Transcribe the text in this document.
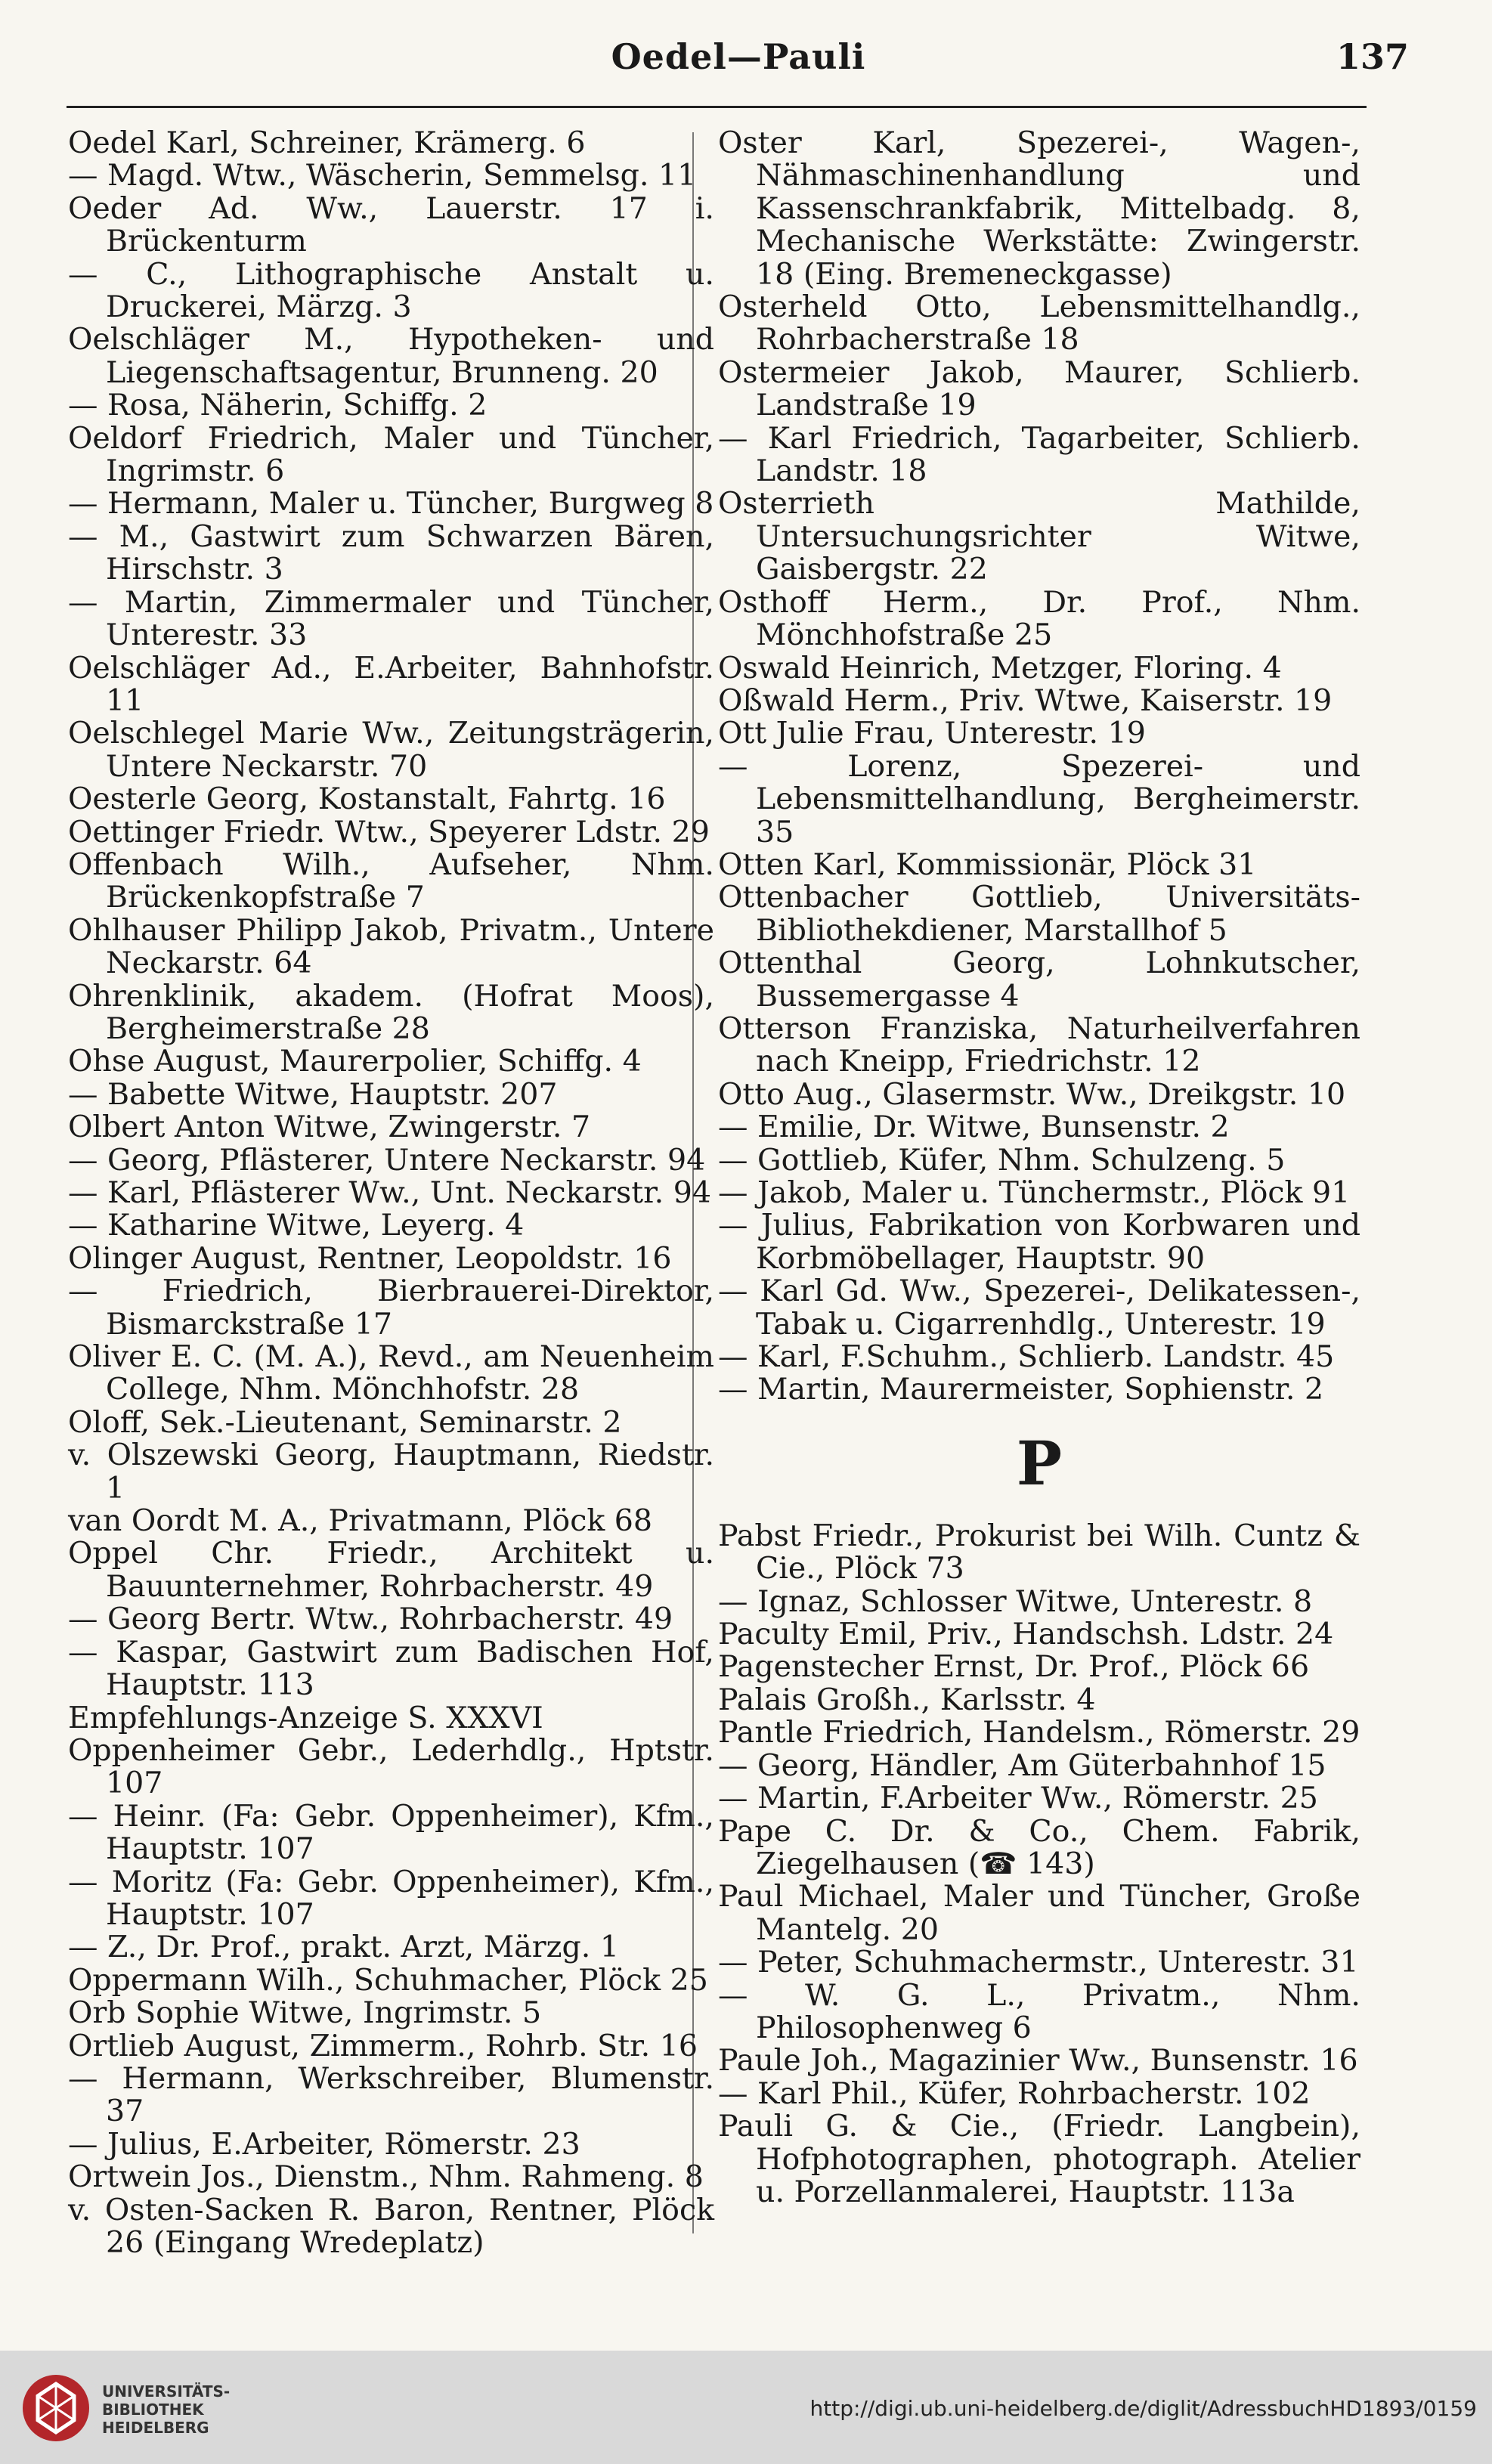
Oedel—Pauli	137

Oedel Karl, Schreiner, Krämerg. 6

— Magd. Wtw., Wäscherin, Semmelsg. 11

Oeder Ad. Ww., Lauerstr. 17 i. Brückenturm

— C., Lithographische Anstalt u. Druckerei, Märzg. 3

Oelschläger M., Hypotheken- und Liegenschaftsagentur, Brunneng. 20

— Rosa, Näherin, Schiffg. 2

Oeldorf Friedrich, Maler und Tüncher, Ingrimstr. 6

— Hermann, Maler u. Tüncher, Burgweg 8

— M., Gastwirt zum Schwarzen Bären, Hirschstr. 3

— Martin, Zimmermaler und Tüncher, Unterestr. 33

Oelschläger Ad., E.Arbeiter, Bahnhofstr. 11

Oelschlegel Marie Ww., Zeitungsträgerin, Untere Neckarstr. 70

Oesterle Georg, Kostanstalt, Fahrtg. 16

Oettinger Friedr. Wtw., Speyerer Ldstr. 29

Offenbach Wilh., Aufseher, Nhm. Brückenkopfstraße 7

Ohlhauser Philipp Jakob, Privatm., Untere Neckarstr. 64

Ohrenklinik, akadem. (Hofrat Moos), Bergheimerstraße 28

Ohse August, Maurerpolier, Schiffg. 4

— Babette Witwe, Hauptstr. 207

Olbert Anton Witwe, Zwingerstr. 7

— Georg, Pflästerer, Untere Neckarstr. 94

— Karl, Pflästerer Ww., Unt. Neckarstr. 94

— Katharine Witwe, Leyerg. 4

Olinger August, Rentner, Leopoldstr. 16

— Friedrich, Bierbrauerei-Direktor, Bismarckstraße 17

Oliver E. C. (M. A.), Revd., am Neuenheim College, Nhm. Mönchhofstr. 28

Oloff, Sek.-Lieutenant, Seminarstr. 2

v. Olszewski Georg, Hauptmann, Riedstr. 1

van Oordt M. A., Privatmann, Plöck 68

Oppel Chr. Friedr., Architekt u. Bauunternehmer, Rohrbacherstr. 49

— Georg Bertr. Wtw., Rohrbacherstr. 49

— Kaspar, Gastwirt zum Badischen Hof, Hauptstr. 113

Empfehlungs-Anzeige S. XXXVI

Oppenheimer Gebr., Lederhdlg., Hptstr. 107

— Heinr. (Fa: Gebr. Oppenheimer), Kfm., Hauptstr. 107

— Moritz (Fa: Gebr. Oppenheimer), Kfm., Hauptstr. 107

— Z., Dr. Prof., prakt. Arzt, Märzg. 1

Oppermann Wilh., Schuhmacher, Plöck 25

Orb Sophie Witwe, Ingrimstr. 5

Ortlieb August, Zimmerm., Rohrb. Str. 16

— Hermann, Werkschreiber, Blumenstr. 37

— Julius, E.Arbeiter, Römerstr. 23

Ortwein Jos., Dienstm., Nhm. Rahmeng. 8

v. Osten-Sacken R. Baron, Rentner, Plöck 26 (Eingang Wredeplatz)

Oster Karl, Spezerei-, Wagen-, Nähmaschinenhandlung und Kassenschrankfabrik, Mittelbadg. 8, Mechanische Werkstätte: Zwingerstr. 18 (Eing. Bremeneckgasse)

Osterheld Otto, Lebensmittelhandlg., Rohrbacherstraße 18

Ostermeier Jakob, Maurer, Schlierb. Landstraße 19

— Karl Friedrich, Tagarbeiter, Schlierb. Landstr. 18

Osterrieth Mathilde, Untersuchungsrichter Witwe, Gaisbergstr. 22

Osthoff Herm., Dr. Prof., Nhm. Mönchhofstraße 25

Oswald Heinrich, Metzger, Floring. 4

Oßwald Herm., Priv. Wtwe, Kaiserstr. 19

Ott Julie Frau, Unterestr. 19

— Lorenz, Spezerei- und Lebensmittelhandlung, Bergheimerstr. 35

Otten Karl, Kommissionär, Plöck 31

Ottenbacher Gottlieb, Universitäts-Bibliothekdiener, Marstallhof 5

Ottenthal Georg, Lohnkutscher, Bussemergasse 4

Otterson Franziska, Naturheilverfahren nach Kneipp, Friedrichstr. 12

Otto Aug., Glasermstr. Ww., Dreikgstr. 10

— Emilie, Dr. Witwe, Bunsenstr. 2

— Gottlieb, Küfer, Nhm. Schulzeng. 5

— Jakob, Maler u. Tünchermstr., Plöck 91

— Julius, Fabrikation von Korbwaren und Korbmöbellager, Hauptstr. 90

— Karl Gd. Ww., Spezerei-, Delikatessen-, Tabak u. Cigarrenhdlg., Unterestr. 19

— Karl, F.Schuhm., Schlierb. Landstr. 45

— Martin, Maurermeister, Sophienstr. 2

P

Pabst Friedr., Prokurist bei Wilh. Cuntz & Cie., Plöck 73

— Ignaz, Schlosser Witwe, Unterestr. 8

Paculty Emil, Priv., Handschsh. Ldstr. 24

Pagenstecher Ernst, Dr. Prof., Plöck 66

Palais Großh., Karlsstr. 4

Pantle Friedrich, Handelsm., Römerstr. 29

— Georg, Händler, Am Güterbahnhof 15

— Martin, F.Arbeiter Ww., Römerstr. 25

Pape C. Dr. & Co., Chem. Fabrik, Ziegelhausen (☎ 143)

Paul Michael, Maler und Tüncher, Große Mantelg. 20

— Peter, Schuhmachermstr., Unterestr. 31

— W. G. L., Privatm., Nhm. Philosophenweg 6

Paule Joh., Magazinier Ww., Bunsenstr. 16

— Karl Phil., Küfer, Rohrbacherstr. 102

Pauli G. & Cie., (Friedr. Langbein), Hofphotographen, photograph. Atelier u. Porzellanmalerei, Hauptstr. 113a

UNIVERSITÄTS-
BIBLIOTHEK
HEIDELBERG
http://digi.ub.uni-heidelberg.de/diglit/AdressbuchHD1893/0159
